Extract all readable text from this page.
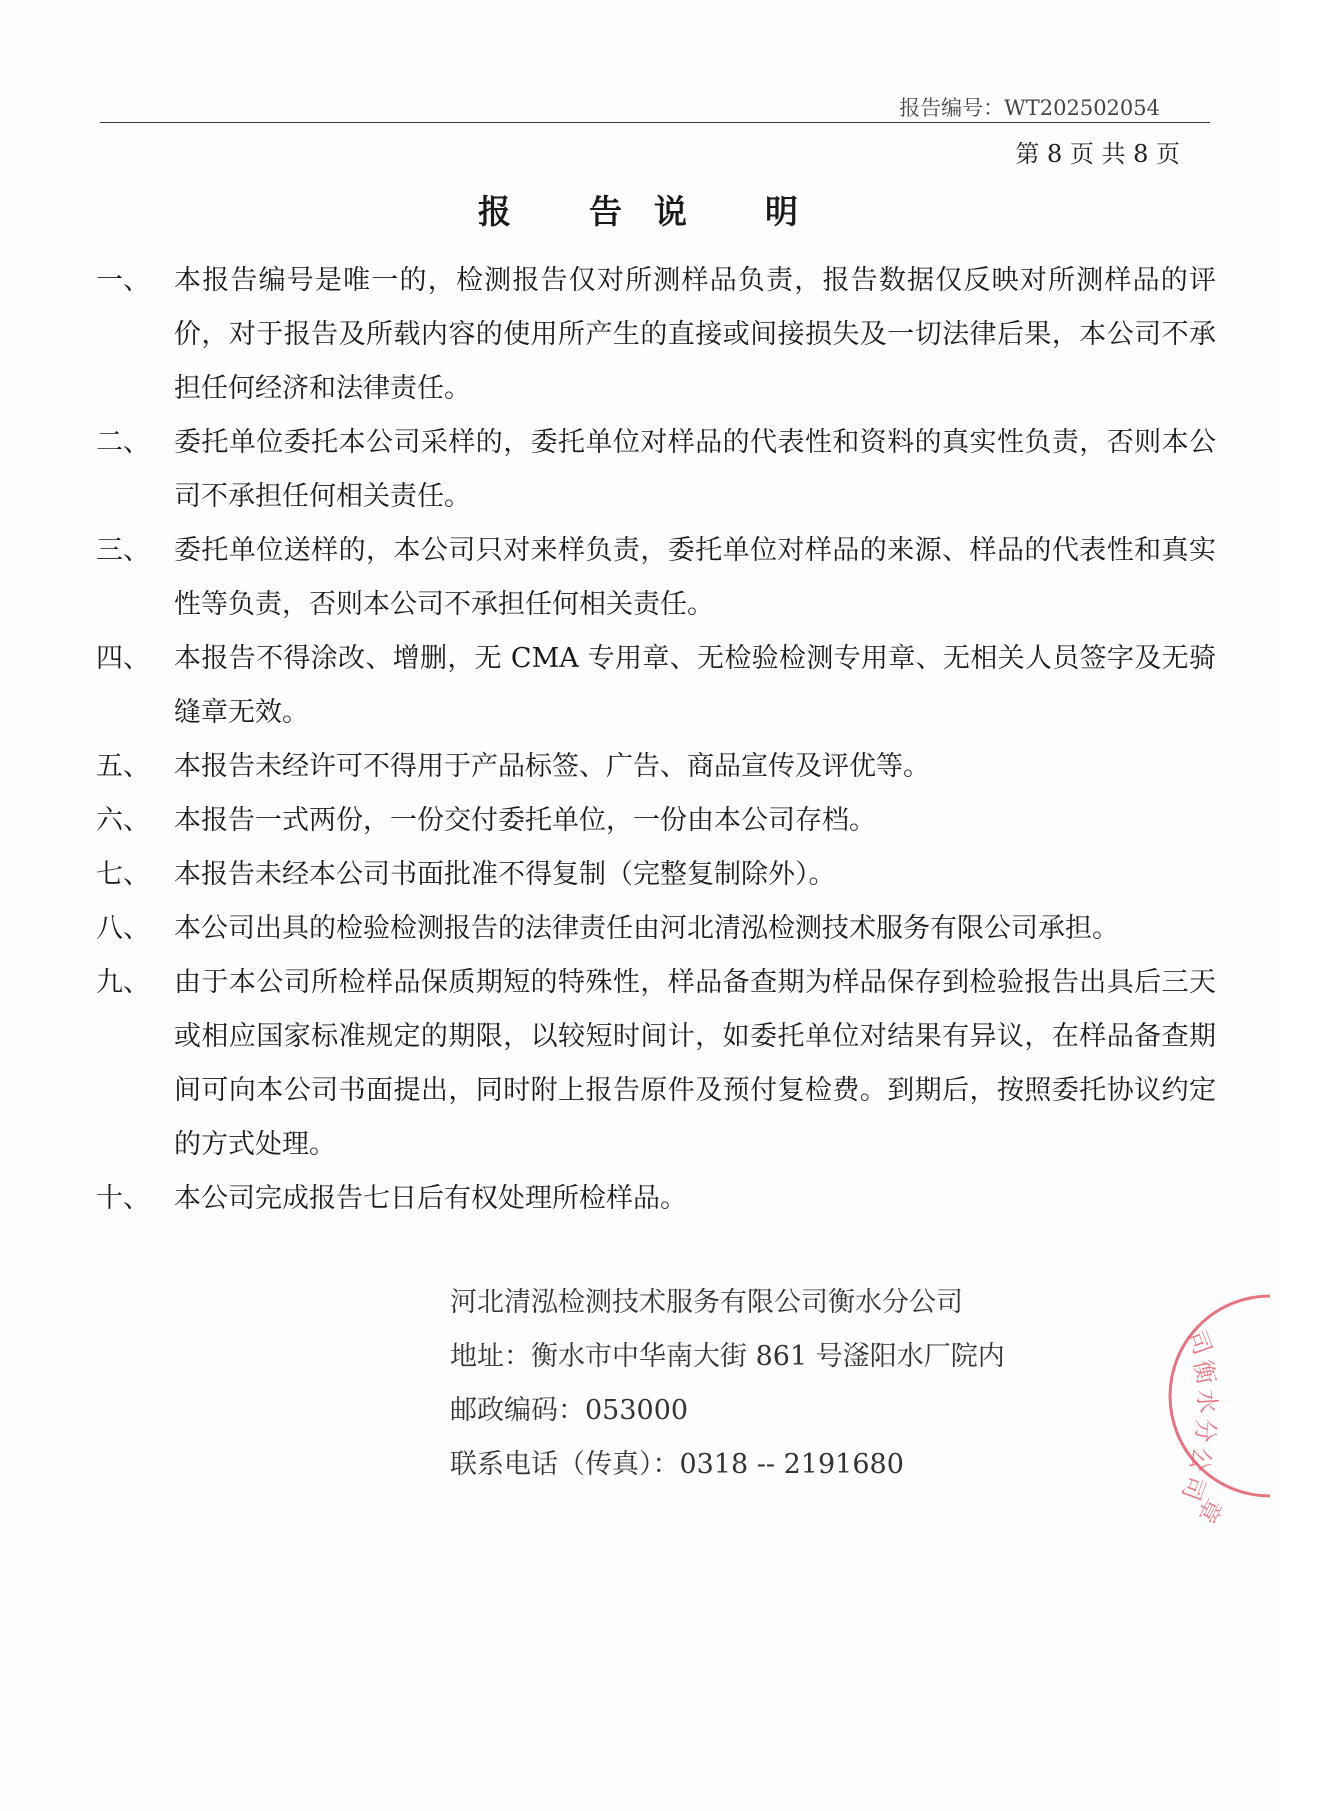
报告编号：WT202502054
第 8 页 共 8 页
报 告 说 明
一、 本报告编号是唯一的，检测报告仅对所测样品负责，报告数据仅反映对所测样品的评价，对于报告及所载内容的使用所产生的直接或间接损失及一切法律后果，本公司不承担任何经济和法律责任。
二、 委托单位委托本公司采样的，委托单位对样品的代表性和资料的真实性负责，否则本公司不承担任何相关责任。
三、 委托单位送样的，本公司只对来样负责，委托单位对样品的来源、样品的代表性和真实性等负责，否则本公司不承担任何相关责任。
四、 本报告不得涂改、增删，无 CMA 专用章、无检验检测专用章、无相关人员签字及无骑缝章无效。
五、 本报告未经许可不得用于产品标签、广告、商品宣传及评优等。
六、 本报告一式两份，一份交付委托单位，一份由本公司存档。
七、 本报告未经本公司书面批准不得复制（完整复制除外）。
八、 本公司出具的检验检测报告的法律责任由河北清泓检测技术服务有限公司承担。
九、 由于本公司所检样品保质期短的特殊性，样品备查期为样品保存到检验报告出具后三天或相应国家标准规定的期限，以较短时间计，如委托单位对结果有异议，在样品备查期间可向本公司书面提出，同时附上报告原件及预付复检费。到期后，按照委托协议约定的方式处理。
十、 本公司完成报告七日后有权处理所检样品。
河北清泓检测技术服务有限公司衡水分公司
地址：衡水市中华南大街 861 号滏阳水厂院内
邮政编码：053000
联系电话（传真）：0318 -- 2191680
司
衡
水
分
公
司
章
